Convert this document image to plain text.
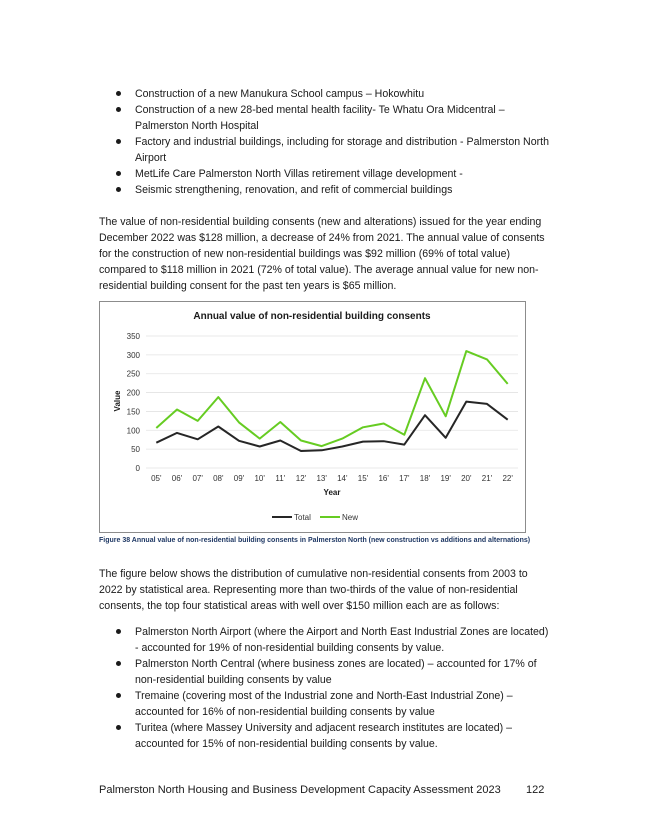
Construction of a new Manukura School campus – Hokowhitu
Construction of a new 28-bed mental health facility- Te Whatu Ora Midcentral – Palmerston North Hospital
Factory and industrial buildings, including for storage and distribution - Palmerston North Airport
MetLife Care Palmerston North Villas retirement village development -
Seismic strengthening, renovation, and refit of commercial buildings

The value of non-residential building consents (new and alterations) issued for the year ending December 2022 was $128 million, a decrease of 24% from 2021. The annual value of consents for the construction of new non-residential buildings was $92 million (69% of total value) compared to $118 million in 2021 (72% of total value). The average annual value for new non-residential building consent for the past ten years is $65 million.

Annual value of non-residential building consents
Value
Year
0
50
100
150
200
250
300
350
05' 06' 07' 08' 09' 10' 11' 12' 13' 14' 15' 16' 17' 18' 19' 20' 21' 22'
Total	New
Figure 38 Annual value of non-residential building consents in Palmerston North (new construction vs additions and alternations)

The figure below shows the distribution of cumulative non-residential consents from 2003 to 2022 by statistical area. Representing more than two-thirds of the value of non-residential consents, the top four statistical areas with well over $150 million each are as follows:

Palmerston North Airport (where the Airport and North East Industrial Zones are located) - accounted for 19% of non-residential building consents by value.
Palmerston North Central (where business zones are located) – accounted for 17% of non-residential building consents by value
Tremaine (covering most of the Industrial zone and North-East Industrial Zone) – accounted for 16% of non-residential building consents by value
Turitea (where Massey University and adjacent research institutes are located) – accounted for 15% of non-residential building consents by value.
Palmerston North Housing and Business Development Capacity Assessment 2023 122
